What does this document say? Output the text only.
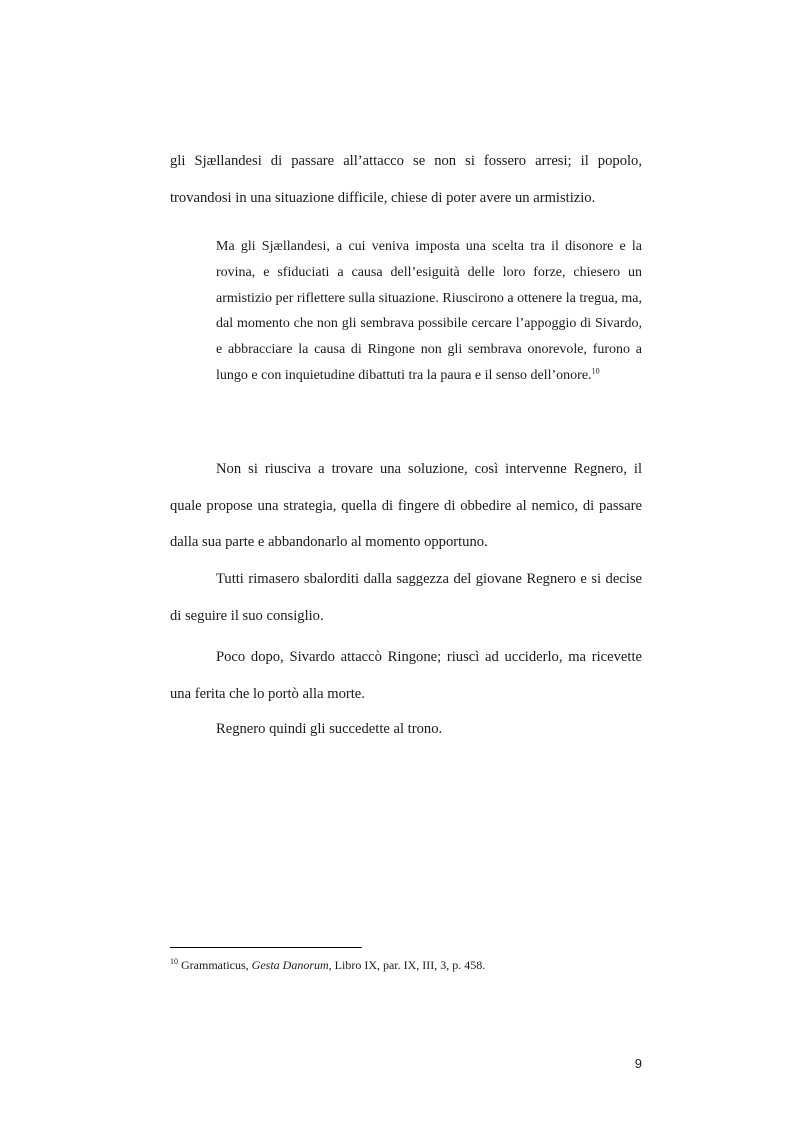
gli Sjællandesi di passare all’attacco se non si fossero arresi; il popolo, trovandosi in una situazione difficile, chiese di poter avere un armistizio.

Ma gli Sjællandesi, a cui veniva imposta una scelta tra il disonore e la rovina, e sfiduciati a causa dell’esiguità delle loro forze, chiesero un armistizio per riflettere sulla situazione. Riuscirono a ottenere la tregua, ma, dal momento che non gli sembrava possibile cercare l’appoggio di Sivardo, e abbracciare la causa di Ringone non gli sembrava onorevole, furono a lungo e con inquietudine dibattuti tra la paura e il senso dell’onore.$^{10}$

Non si riusciva a trovare una soluzione, così intervenne Regnero, il quale propose una strategia, quella di fingere di obbedire al nemico, di passare dalla sua parte e abbandonarlo al momento opportuno.

Tutti rimasero sbalorditi dalla saggezza del giovane Regnero e si decise di seguire il suo consiglio.

Poco dopo, Sivardo attaccò Ringone; riuscì ad ucciderlo, ma ricevette una ferita che lo portò alla morte.

Regnero quindi gli succedette al trono.

$^{10}$ Grammaticus, Gesta Danorum, Libro IX, par. IX, III, 3, p. 458.

9
